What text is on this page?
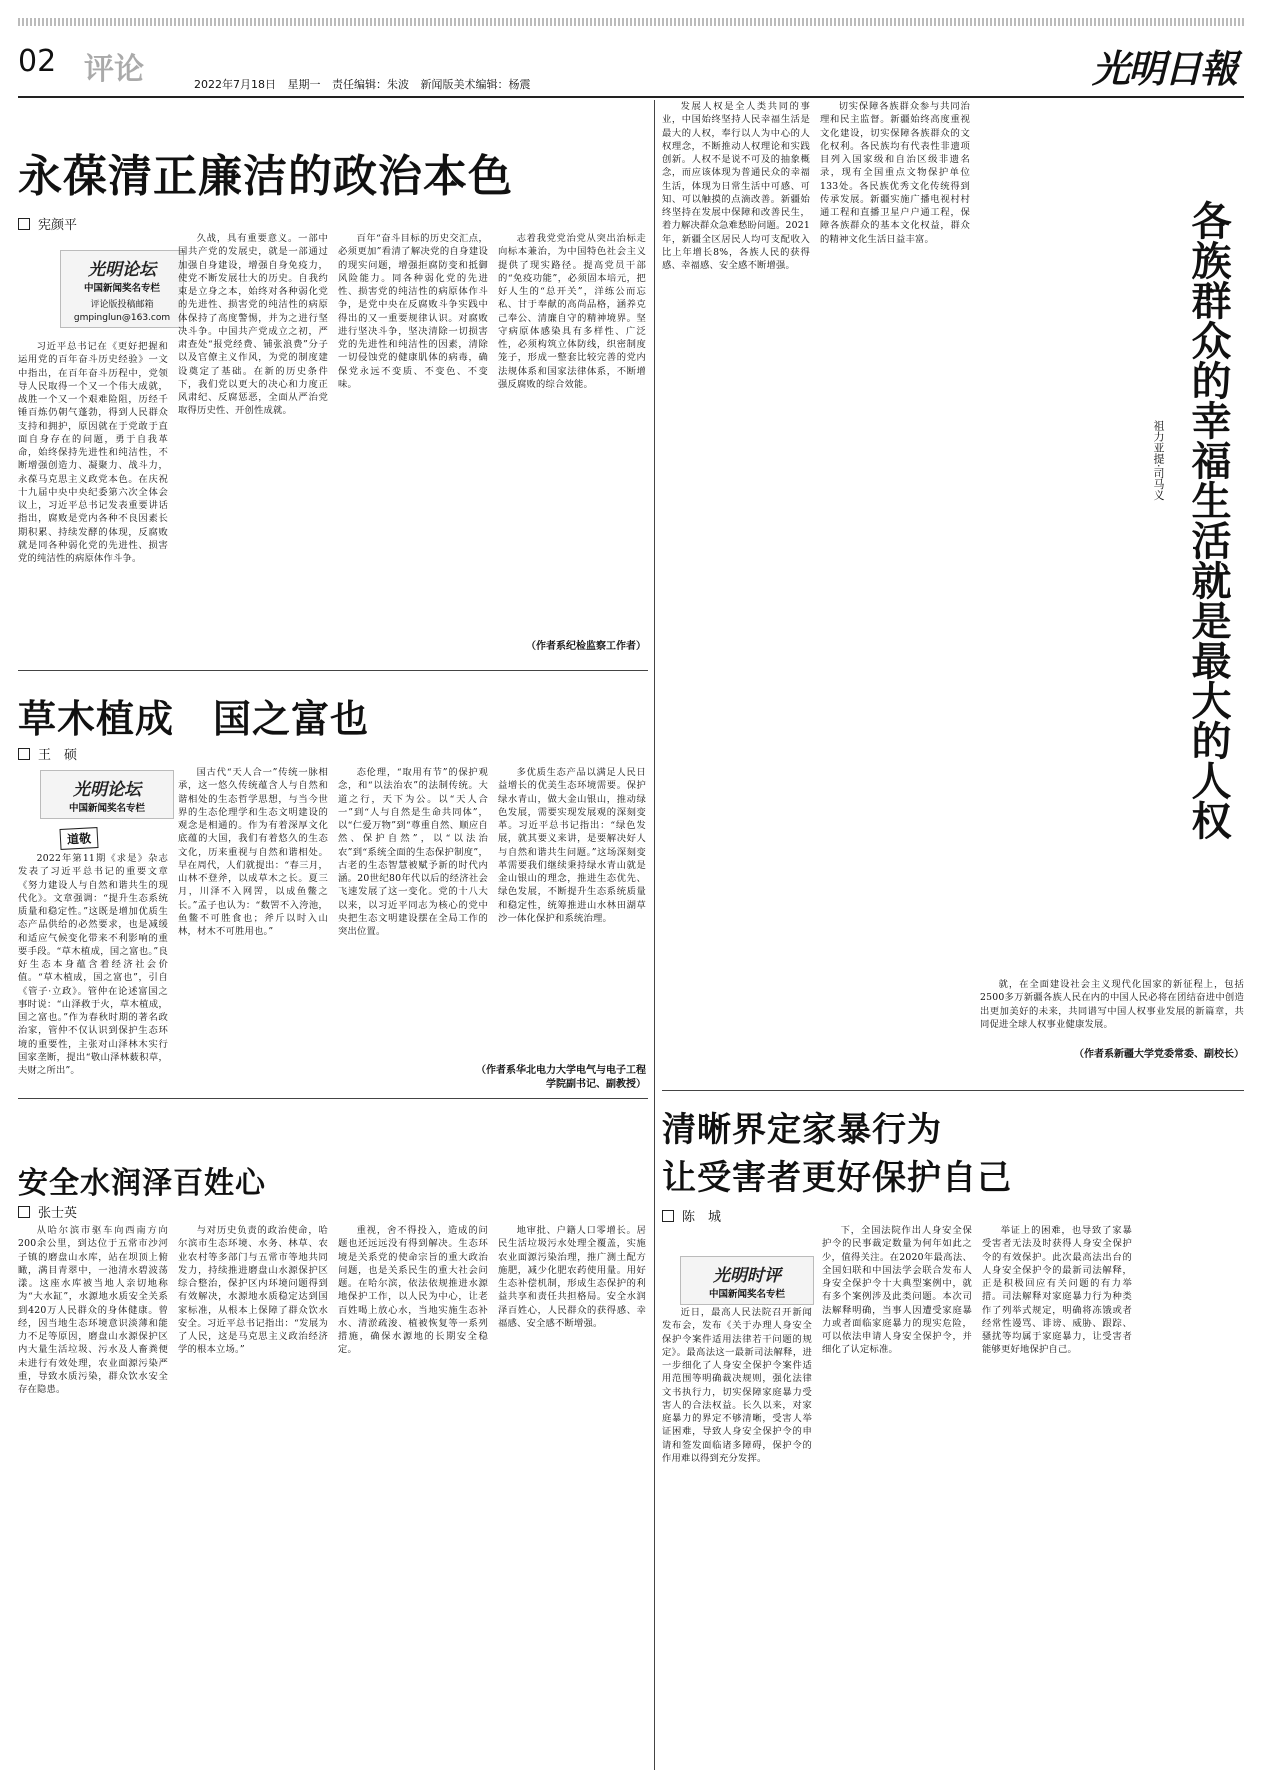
02 评论	2022年7月18日 星期一 责任编辑：朱波 新闻版美术编辑：杨震	光明日報
永葆清正廉洁的政治本色
宪颜平
光明论坛
中国新闻奖名专栏
评论版投稿邮箱
gmpinglun@163.com

习近平总书记在《更好把握和运用党的百年奋斗历史经验》一文中指出，在百年奋斗历程中，党领导人民取得一个又一个伟大成就，战胜一个又一个艰难险阻，历经千锤百炼仍朝气蓬勃，得到人民群众支持和拥护，原因就在于党敢于直面自身存在的问题，勇于自我革命，始终保持先进性和纯洁性，不断增强创造力、凝聚力、战斗力，永葆马克思主义政党本色。在庆祝十九届中央中央纪委第六次全体会议上，习近平总书记发表重要讲话指出，腐败是党内各种不良因素长期积累、持续发酵的体现，反腐败就是同各种弱化党的先进性、损害党的纯洁性的病原体作斗争。

久战，具有重要意义。一部中国共产党的发展史，就是一部通过加强自身建设，增强自身免疫力，使党不断发展壮大的历史。自我约束是立身之本，始终对各种弱化党的先进性、损害党的纯洁性的病原体保持了高度警惕，并为之进行坚决斗争。中国共产党成立之初，严肃查处“报党经费、铺张浪费”分子以及官僚主义作风，为党的制度建设奠定了基础。在新的历史条件下，我们党以更大的决心和力度正风肃纪、反腐惩恶，全面从严治党取得历史性、开创性成就。

百年“奋斗目标的历史交汇点，必须更加”看清了解决党的自身建设的现实问题，增强拒腐防变和抵御风险能力。同各种弱化党的先进性、损害党的纯洁性的病原体作斗争，是党中央在反腐败斗争实践中得出的又一重要规律认识。对腐败进行坚决斗争，坚决清除一切损害党的先进性和纯洁性的因素，清除一切侵蚀党的健康肌体的病毒，确保党永远不变质、不变色、不变味。

志着我党党治党从突出治标走向标本兼治，为中国特色社会主义提供了现实路径。提高党员干部的“免疫功能”，必须固本培元，把好人生的“总开关”，洋练公而忘私、甘于奉献的高尚品格，涵养克己奉公、清廉自守的精神境界。坚守病原体感染具有多样性、广泛性，必须构筑立体防线，织密制度笼子，形成一整套比较完善的党内法规体系和国家法律体系，不断增强反腐败的综合效能。

（作者系纪检监察工作者）
草木植成　国之富也
王　硕
光明论坛
中国新闻奖名专栏
道敬

2022年第11期《求是》杂志发表了习近平总书记的重要文章《努力建设人与自然和谐共生的现代化》。文章强调：“提升生态系统质量和稳定性。”这既是增加优质生态产品供给的必然要求，也是减缓和适应气候变化带来不利影响的重要手段。“草木植成，国之富也。”良好生态本身蕴含着经济社会价值。“草木植成，国之富也”，引自《管子·立政》。管仲在论述富国之事时说：“山泽救于火，草木植成，国之富也。”作为春秋时期的著名政治家，管仲不仅认识到保护生态环境的重要性，主张对山泽林木实行国家垄断，提出“敬山泽林薮积草，夫财之所出”。

国古代“天人合一”传统一脉相承，这一悠久传统蕴含人与自然和谐相处的生态哲学思想，与当今世界的生态伦理学和生态文明建设的观念是相通的。作为有着深厚文化底蕴的大国，我们有着悠久的生态文化，历来重视与自然和谐相处。早在周代，人们就提出：“春三月，山林不登斧，以成草木之长。夏三月，川泽不入网罟，以成鱼鳖之长。”孟子也认为：“数罟不入洿池，鱼鳖不可胜食也；斧斤以时入山林，材木不可胜用也。”

态伦理，“取用有节”的保护观念，和“以法治农”的法制传统。大道之行，天下为公。以“天人合一”到“人与自然是生命共同体”，以“仁爱万物”到“尊重自然、顺应自然、保护自然”，以“以法治农”到“系统全面的生态保护制度”，古老的生态智慧被赋予新的时代内涵。20世纪80年代以后的经济社会飞速发展了这一变化。党的十八大以来，以习近平同志为核心的党中央把生态文明建设摆在全局工作的突出位置。

多优质生态产品以满足人民日益增长的优美生态环境需要。保护绿水青山，做大金山银山，推动绿色发展，需要实现发展观的深刻变革。习近平总书记指出：“绿色发展，就其要义来讲，是要解决好人与自然和谐共生问题。”这场深刻变革需要我们继续秉持绿水青山就是金山银山的理念，推进生态优先、绿色发展，不断提升生态系统质量和稳定性，统筹推进山水林田湖草沙一体化保护和系统治理。

（作者系华北电力大学电气与电子工程学院副书记、副教授）
安全水润泽百姓心
张士英

从哈尔滨市驱车向西南方向200余公里，到达位于五常市沙河子镇的磨盘山水库，站在坝顶上俯瞰，满目青翠中，一池清水碧波荡漾。这座水库被当地人亲切地称为“大水缸”，水源地水质安全关系到420万人民群众的身体健康。曾经，因当地生态环境意识淡薄和能力不足等原因，磨盘山水源保护区内大量生活垃圾、污水及人畜粪便未进行有效处理，农业面源污染严重，导致水质污染，群众饮水安全存在隐患。

与对历史负责的政治使命，哈尔滨市生态环境、水务、林草、农业农村等多部门与五常市等地共同发力，持续推进磨盘山水源保护区综合整治，保护区内环境问题得到有效解决，水源地水质稳定达到国家标准，从根本上保障了群众饮水安全。习近平总书记指出：“发展为了人民，这是马克思主义政治经济学的根本立场。”

重视，舍不得投入，造成的问题也还远远没有得到解决。生态环境是关系党的使命宗旨的重大政治问题，也是关系民生的重大社会问题。在哈尔滨，依法依规推进水源地保护工作，以人民为中心，让老百姓喝上放心水，当地实施生态补水、清淤疏浚、植被恢复等一系列措施，确保水源地的长期安全稳定。

地审批、户籍人口零增长。居民生活垃圾污水处理全覆盖，实施农业面源污染治理，推广测土配方施肥，减少化肥农药使用量。用好生态补偿机制，形成生态保护的利益共享和责任共担格局。安全水润泽百姓心，人民群众的获得感、幸福感、安全感不断增强。

发展人权是全人类共同的事业，中国始终坚持人民幸福生活是最大的人权，奉行以人为中心的人权理念，不断推动人权理论和实践创新。人权不是说不可及的抽象概念，而应该体现为普通民众的幸福生活，体现为日常生活中可感、可知、可以触摸的点滴改善。新疆始终坚持在发展中保障和改善民生，着力解决群众急难愁盼问题。2021年，新疆全区居民人均可支配收入比上年增长8%，各族人民的获得感、幸福感、安全感不断增强。

切实保障各族群众参与共同治理和民主监督。新疆始终高度重视文化建设，切实保障各族群众的文化权利。各民族均有代表性非遗项目列入国家级和自治区级非遗名录，现有全国重点文物保护单位133处。各民族优秀文化传统得到传承发展。新疆实施广播电视村村通工程和直播卫星户户通工程，保障各族群众的基本文化权益，群众的精神文化生活日益丰富。	各族群众的幸福生活就是最大的人权
祖力亚提·司马义

就，在全面建设社会主义现代化国家的新征程上，包括2500多万新疆各族人民在内的中国人民必将在团结奋进中创造出更加美好的未来，共同谱写中国人权事业发展的新篇章，共同促进全球人权事业健康发展。

（作者系新疆大学党委常委、副校长）
清晰界定家暴行为
让受害者更好保护自己
陈　城
光明时评
中国新闻奖名专栏

近日，最高人民法院召开新闻发布会，发布《关于办理人身安全保护令案件适用法律若干问题的规定》。最高法这一最新司法解释，进一步细化了人身安全保护令案件适用范围等明确裁决规则，强化法律文书执行力，切实保障家庭暴力受害人的合法权益。长久以来，对家庭暴力的界定不够清晰，受害人举证困难，导致人身安全保护令的申请和签发面临诸多障碍，保护令的作用难以得到充分发挥。

下，全国法院作出人身安全保护令的民事裁定数量为何年如此之少，值得关注。在2020年最高法、全国妇联和中国法学会联合发布人身安全保护令十大典型案例中，就有多个案例涉及此类问题。本次司法解释明确，当事人因遭受家庭暴力或者面临家庭暴力的现实危险，可以依法申请人身安全保护令，并细化了认定标准。

举证上的困难，也导致了家暴受害者无法及时获得人身安全保护令的有效保护。此次最高法出台的人身安全保护令的最新司法解释，正是积极回应有关问题的有力举措。司法解释对家庭暴力行为种类作了列举式规定，明确将冻饿或者经常性谩骂、诽谤、威胁、跟踪、骚扰等均属于家庭暴力，让受害者能够更好地保护自己。
